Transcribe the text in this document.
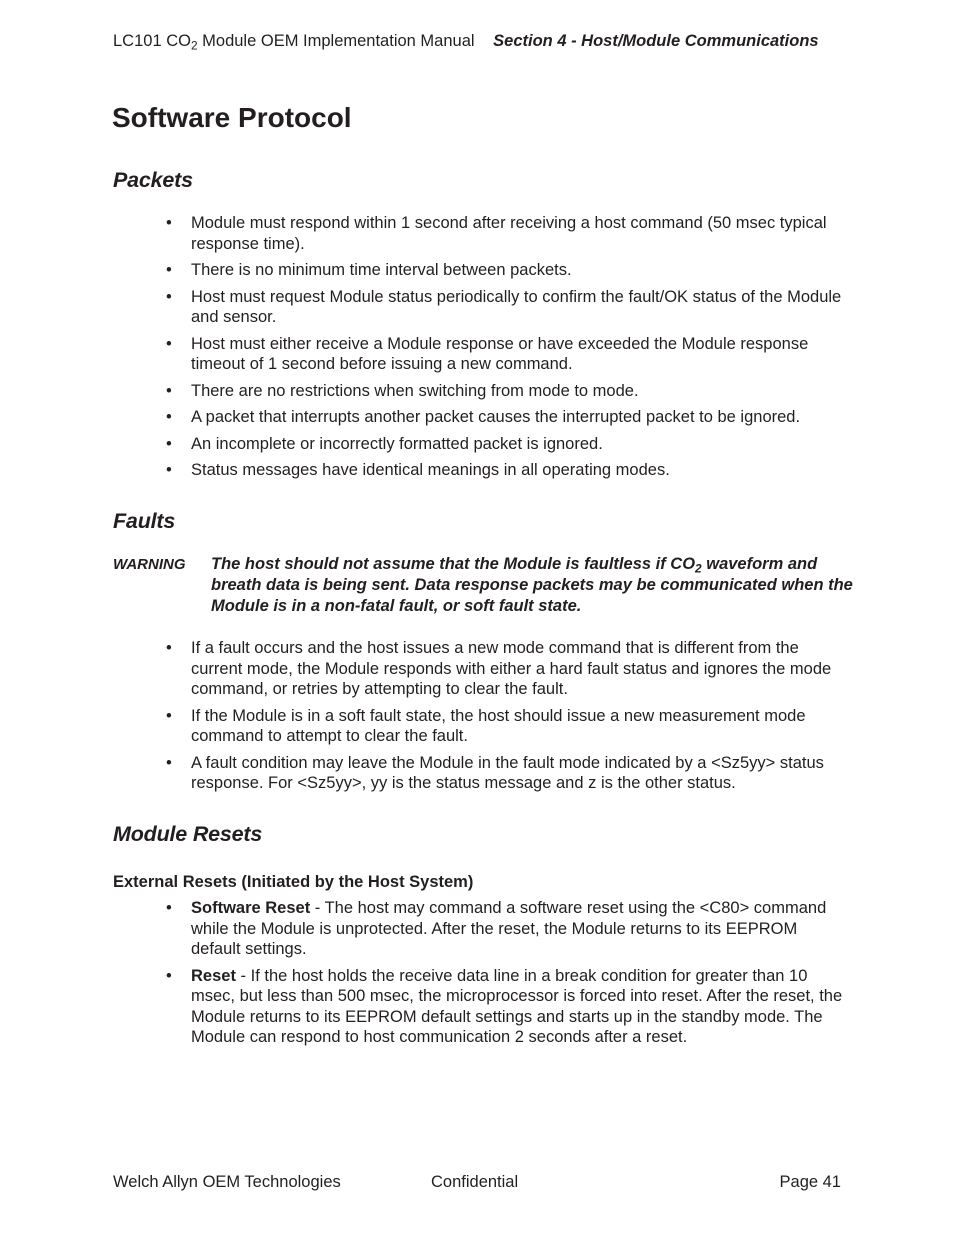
LC101 $CO_2$ Module OEM Implementation Manual Section 4 - Host/Module Communications
Software Protocol
Packets
• Module must respond within 1 second after receiving a host command (50 msec typical response time).
• There is no minimum time interval between packets.
• Host must request Module status periodically to confirm the fault/OK status of the Module and sensor.
• Host must either receive a Module response or have exceeded the Module response timeout of 1 second before issuing a new command.
• There are no restrictions when switching from mode to mode.
• A packet that interrupts another packet causes the interrupted packet to be ignored.
• An incomplete or incorrectly formatted packet is ignored.
• Status messages have identical meanings in all operating modes.
Faults
WARNING The host should not assume that the Module is faultless if $CO_2$ waveform and breath data is being sent. Data response packets may be communicated when the Module is in a non-fatal fault, or soft fault state.
• If a fault occurs and the host issues a new mode command that is different from the current mode, the Module responds with either a hard fault status and ignores the mode command, or retries by attempting to clear the fault.
• If the Module is in a soft fault state, the host should issue a new measurement mode command to attempt to clear the fault.
• A fault condition may leave the Module in the fault mode indicated by a <Sz5yy> status response. For <Sz5yy>, yy is the status message and z is the other status.
Module Resets
External Resets (Initiated by the Host System)
• Software Reset - The host may command a software reset using the <C80> command while the Module is unprotected. After the reset, the Module returns to its EEPROM default settings.
• Reset - If the host holds the receive data line in a break condition for greater than 10 msec, but less than 500 msec, the microprocessor is forced into reset. After the reset, the Module returns to its EEPROM default settings and starts up in the standby mode. The Module can respond to host communication 2 seconds after a reset.
Welch Allyn OEM Technologies	Confidential	Page 41
